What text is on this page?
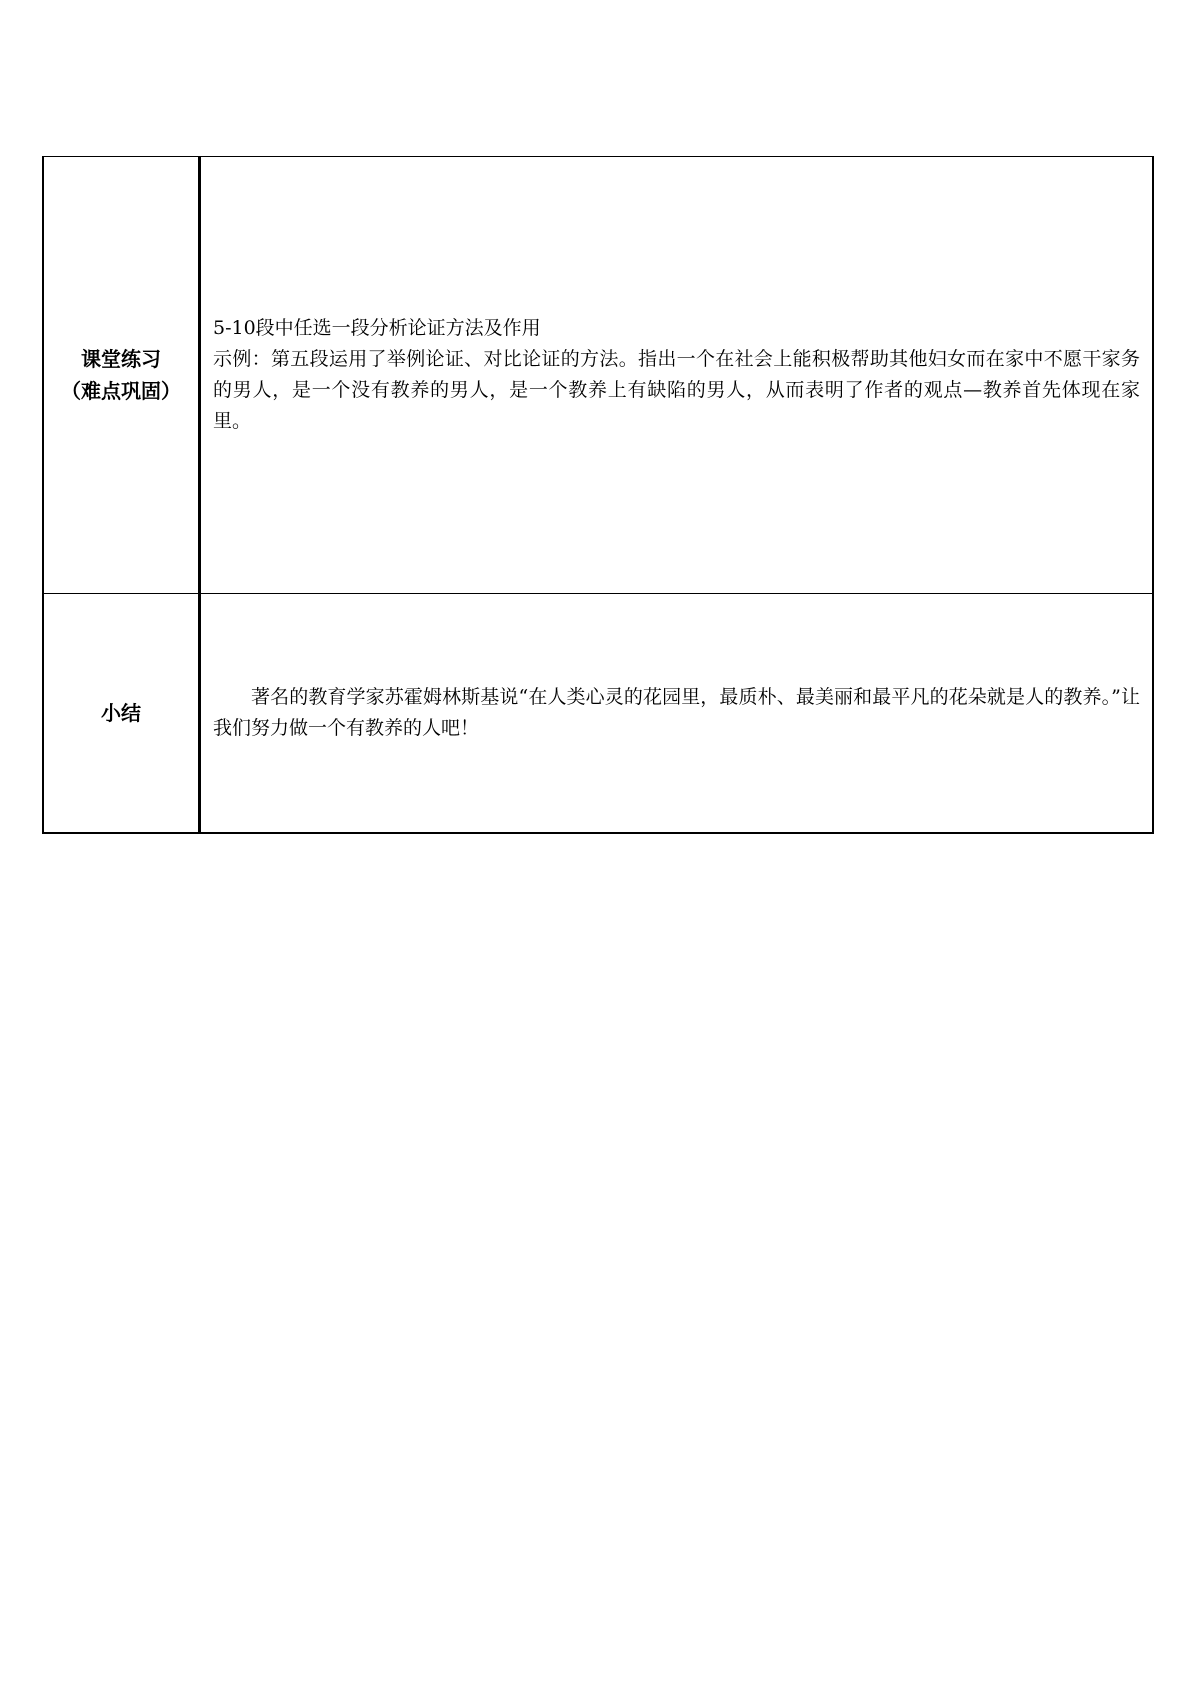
课堂练习
（难点巩固）	5-10段中任选一段分析论证方法及作用
示例：第五段运用了举例论证、对比论证的方法。指出一个在社会上能积极帮助其他妇女而在家中不愿干家务的男人，是一个没有教养的男人，是一个教养上有缺陷的男人，从而表明了作者的观点—教养首先体现在家里。

小结	著名的教育学家苏霍姆林斯基说“在人类心灵的花园里，最质朴、最美丽和最平凡的花朵就是人的教养。”让我们努力做一个有教养的人吧！
